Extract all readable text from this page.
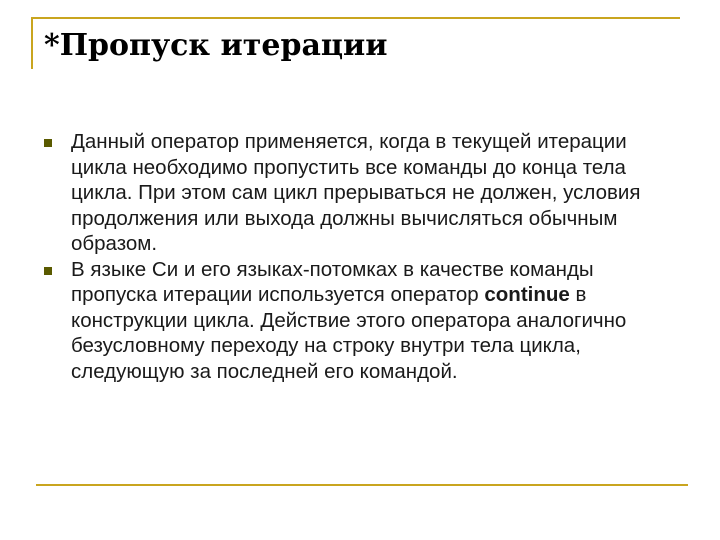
*Пропуск итерации
Данный оператор применяется, когда в текущей итерации цикла необходимо пропустить все команды до конца тела цикла. При этом сам цикл прерываться не должен, условия продолжения или выхода должны вычисляться обычным образом.
В языке Си и его языках-потомках в качестве команды пропуска итерации используется оператор continue в конструкции цикла. Действие этого оператора аналогично безусловному переходу на строку внутри тела цикла, следующую за последней его командой.
